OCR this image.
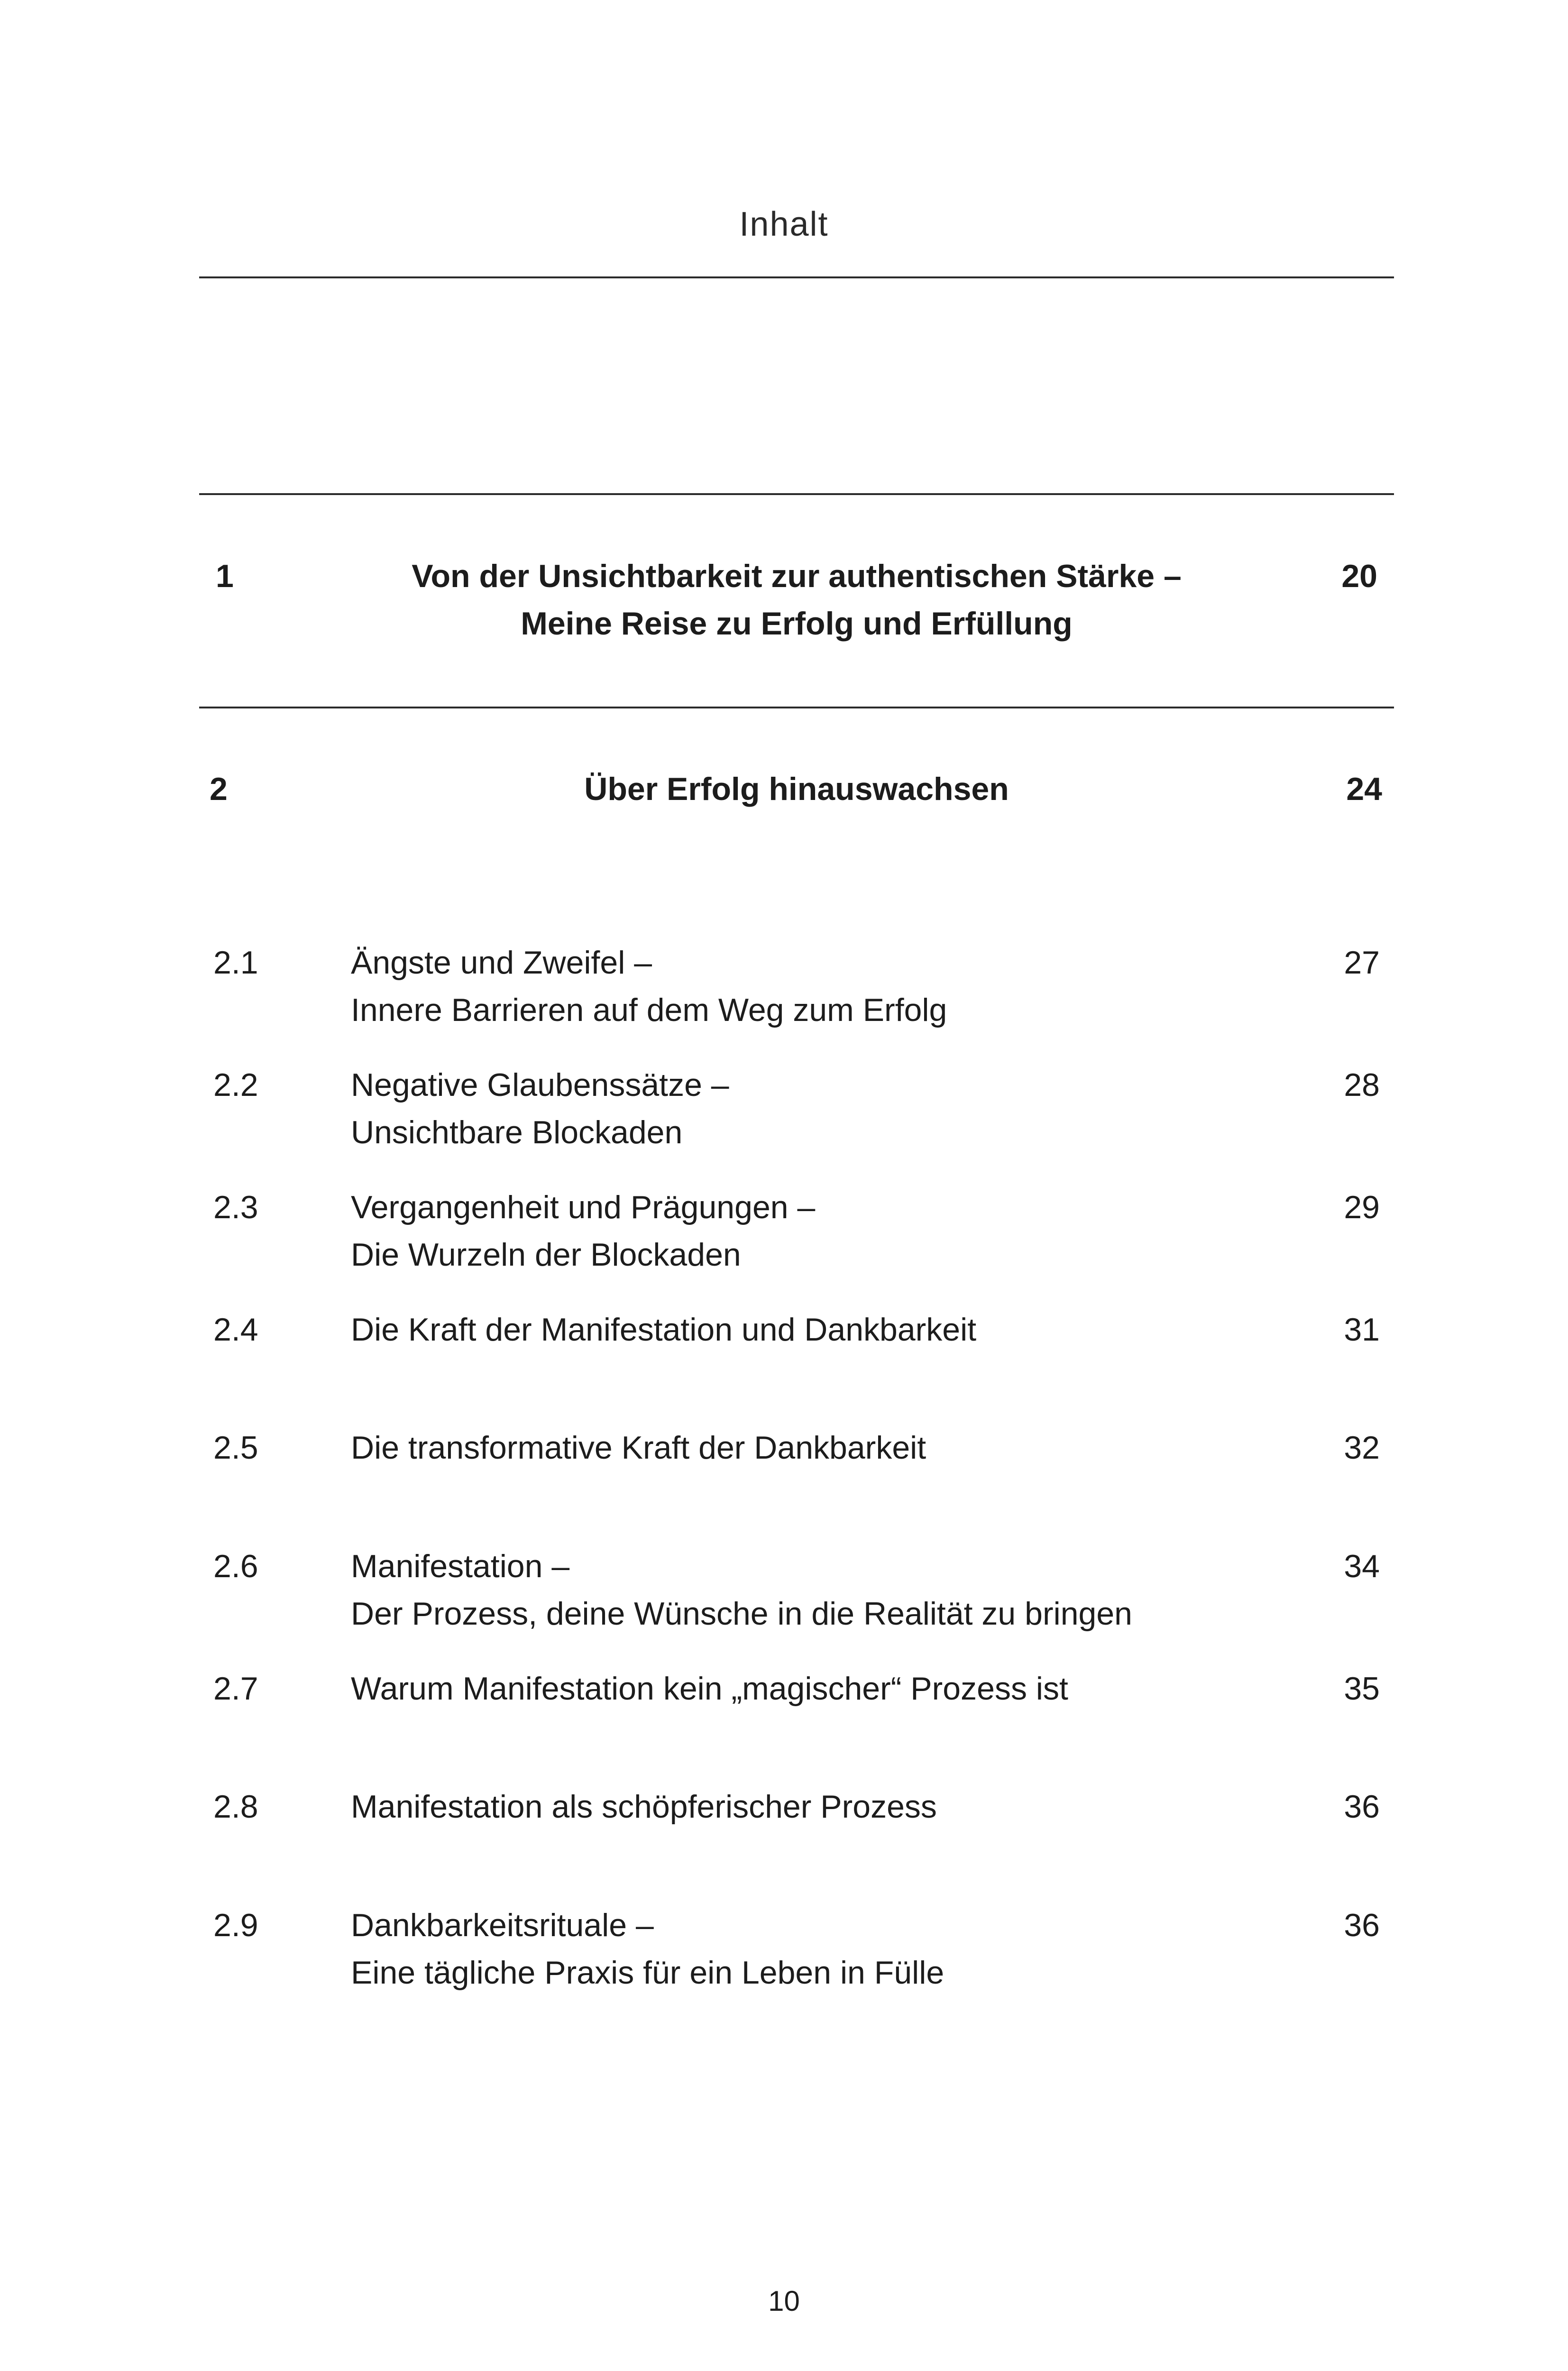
Inhalt
1	Von der Unsichtbarkeit zur authentischen Stärke –
Meine Reise zu Erfolg und Erfüllung
20
2	Über Erfolg hinauswachsen	24
2.1	Ängste und Zweifel –
Innere Barrieren auf dem Weg zum Erfolg
27
2.2	Negative Glaubenssätze –
Unsichtbare Blockaden
28
2.3	Vergangenheit und Prägungen –
Die Wurzeln der Blockaden
29
2.4	Die Kraft der Manifestation und Dankbarkeit	31
2.5	Die transformative Kraft der Dankbarkeit	32
2.6	Manifestation –
Der Prozess, deine Wünsche in die Realität zu bringen
34
2.7	Warum Manifestation kein „magischer“ Prozess ist	35
2.8	Manifestation als schöpferischer Prozess	36
2.9	Dankbarkeitsrituale –
Eine tägliche Praxis für ein Leben in Fülle
36
10
